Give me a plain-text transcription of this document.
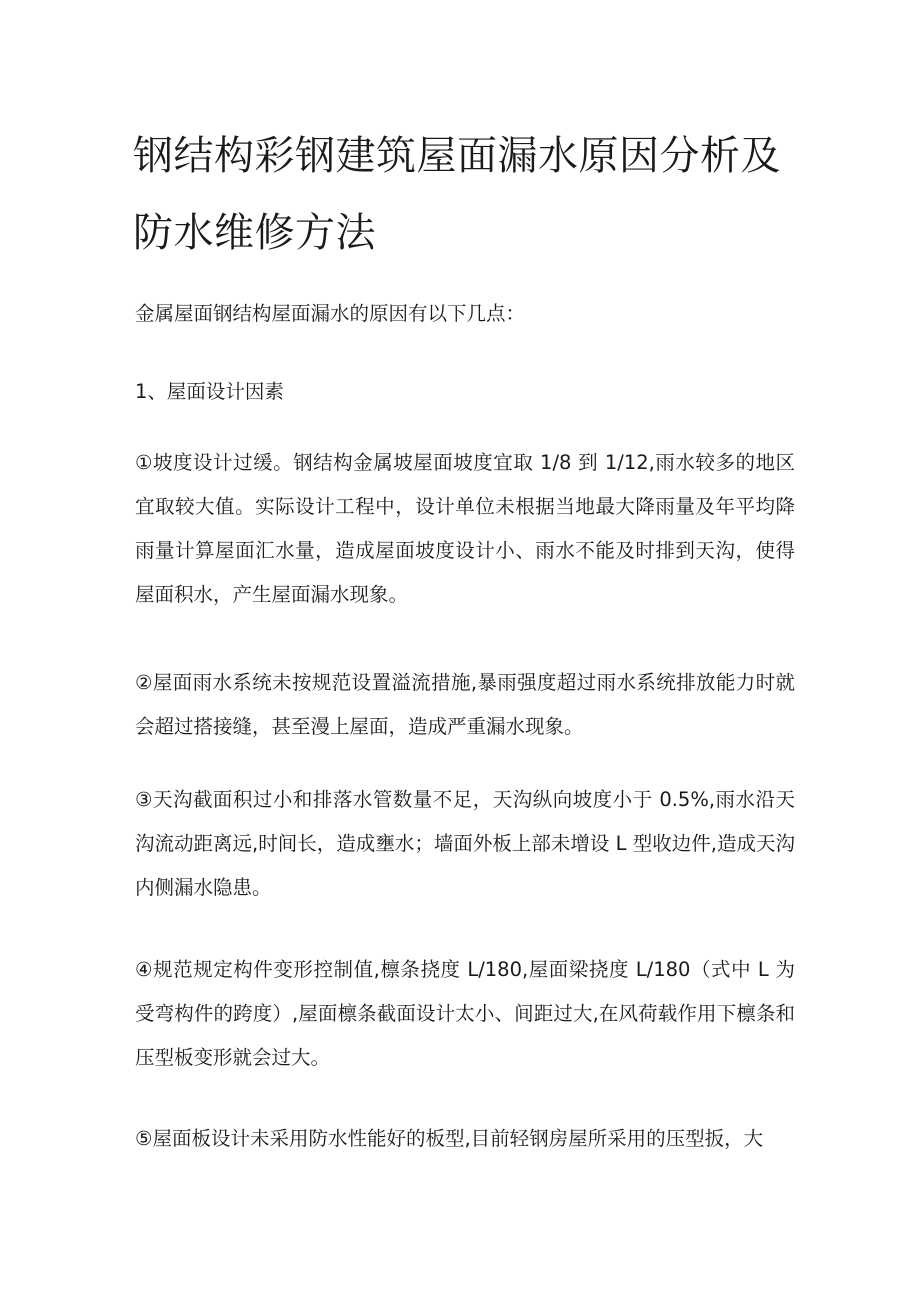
钢结构彩钢建筑屋面漏水原因分析及防水维修方法

金属屋面钢结构屋面漏水的原因有以下几点：

1、屋面设计因素

①坡度设计过缓。钢结构金属坡屋面坡度宜取 1/8 到 1/12,雨水较多的地区宜取较大值。实际设计工程中，设计单位未根据当地最大降雨量及年平均降雨量计算屋面汇水量，造成屋面坡度设计小、雨水不能及时排到天沟，使得屋面积水，产生屋面漏水现象。

②屋面雨水系统未按规范设置溢流措施,暴雨强度超过雨水系统排放能力时就会超过搭接缝，甚至漫上屋面，造成严重漏水现象。

③天沟截面积过小和排落水管数量不足，天沟纵向坡度小于 0.5%,雨水沿天沟流动距离远,时间长，造成壅水；墙面外板上部未增设 L 型收边件,造成天沟内侧漏水隐患。

④规范规定构件变形控制值,檩条挠度 L/180,屋面梁挠度 L/180（式中 L 为受弯构件的跨度）,屋面檩条截面设计太小、间距过大,在风荷载作用下檩条和压型板变形就会过大。

⑤屋面板设计未采用防水性能好的板型,目前轻钢房屋所采用的压型扳，大
